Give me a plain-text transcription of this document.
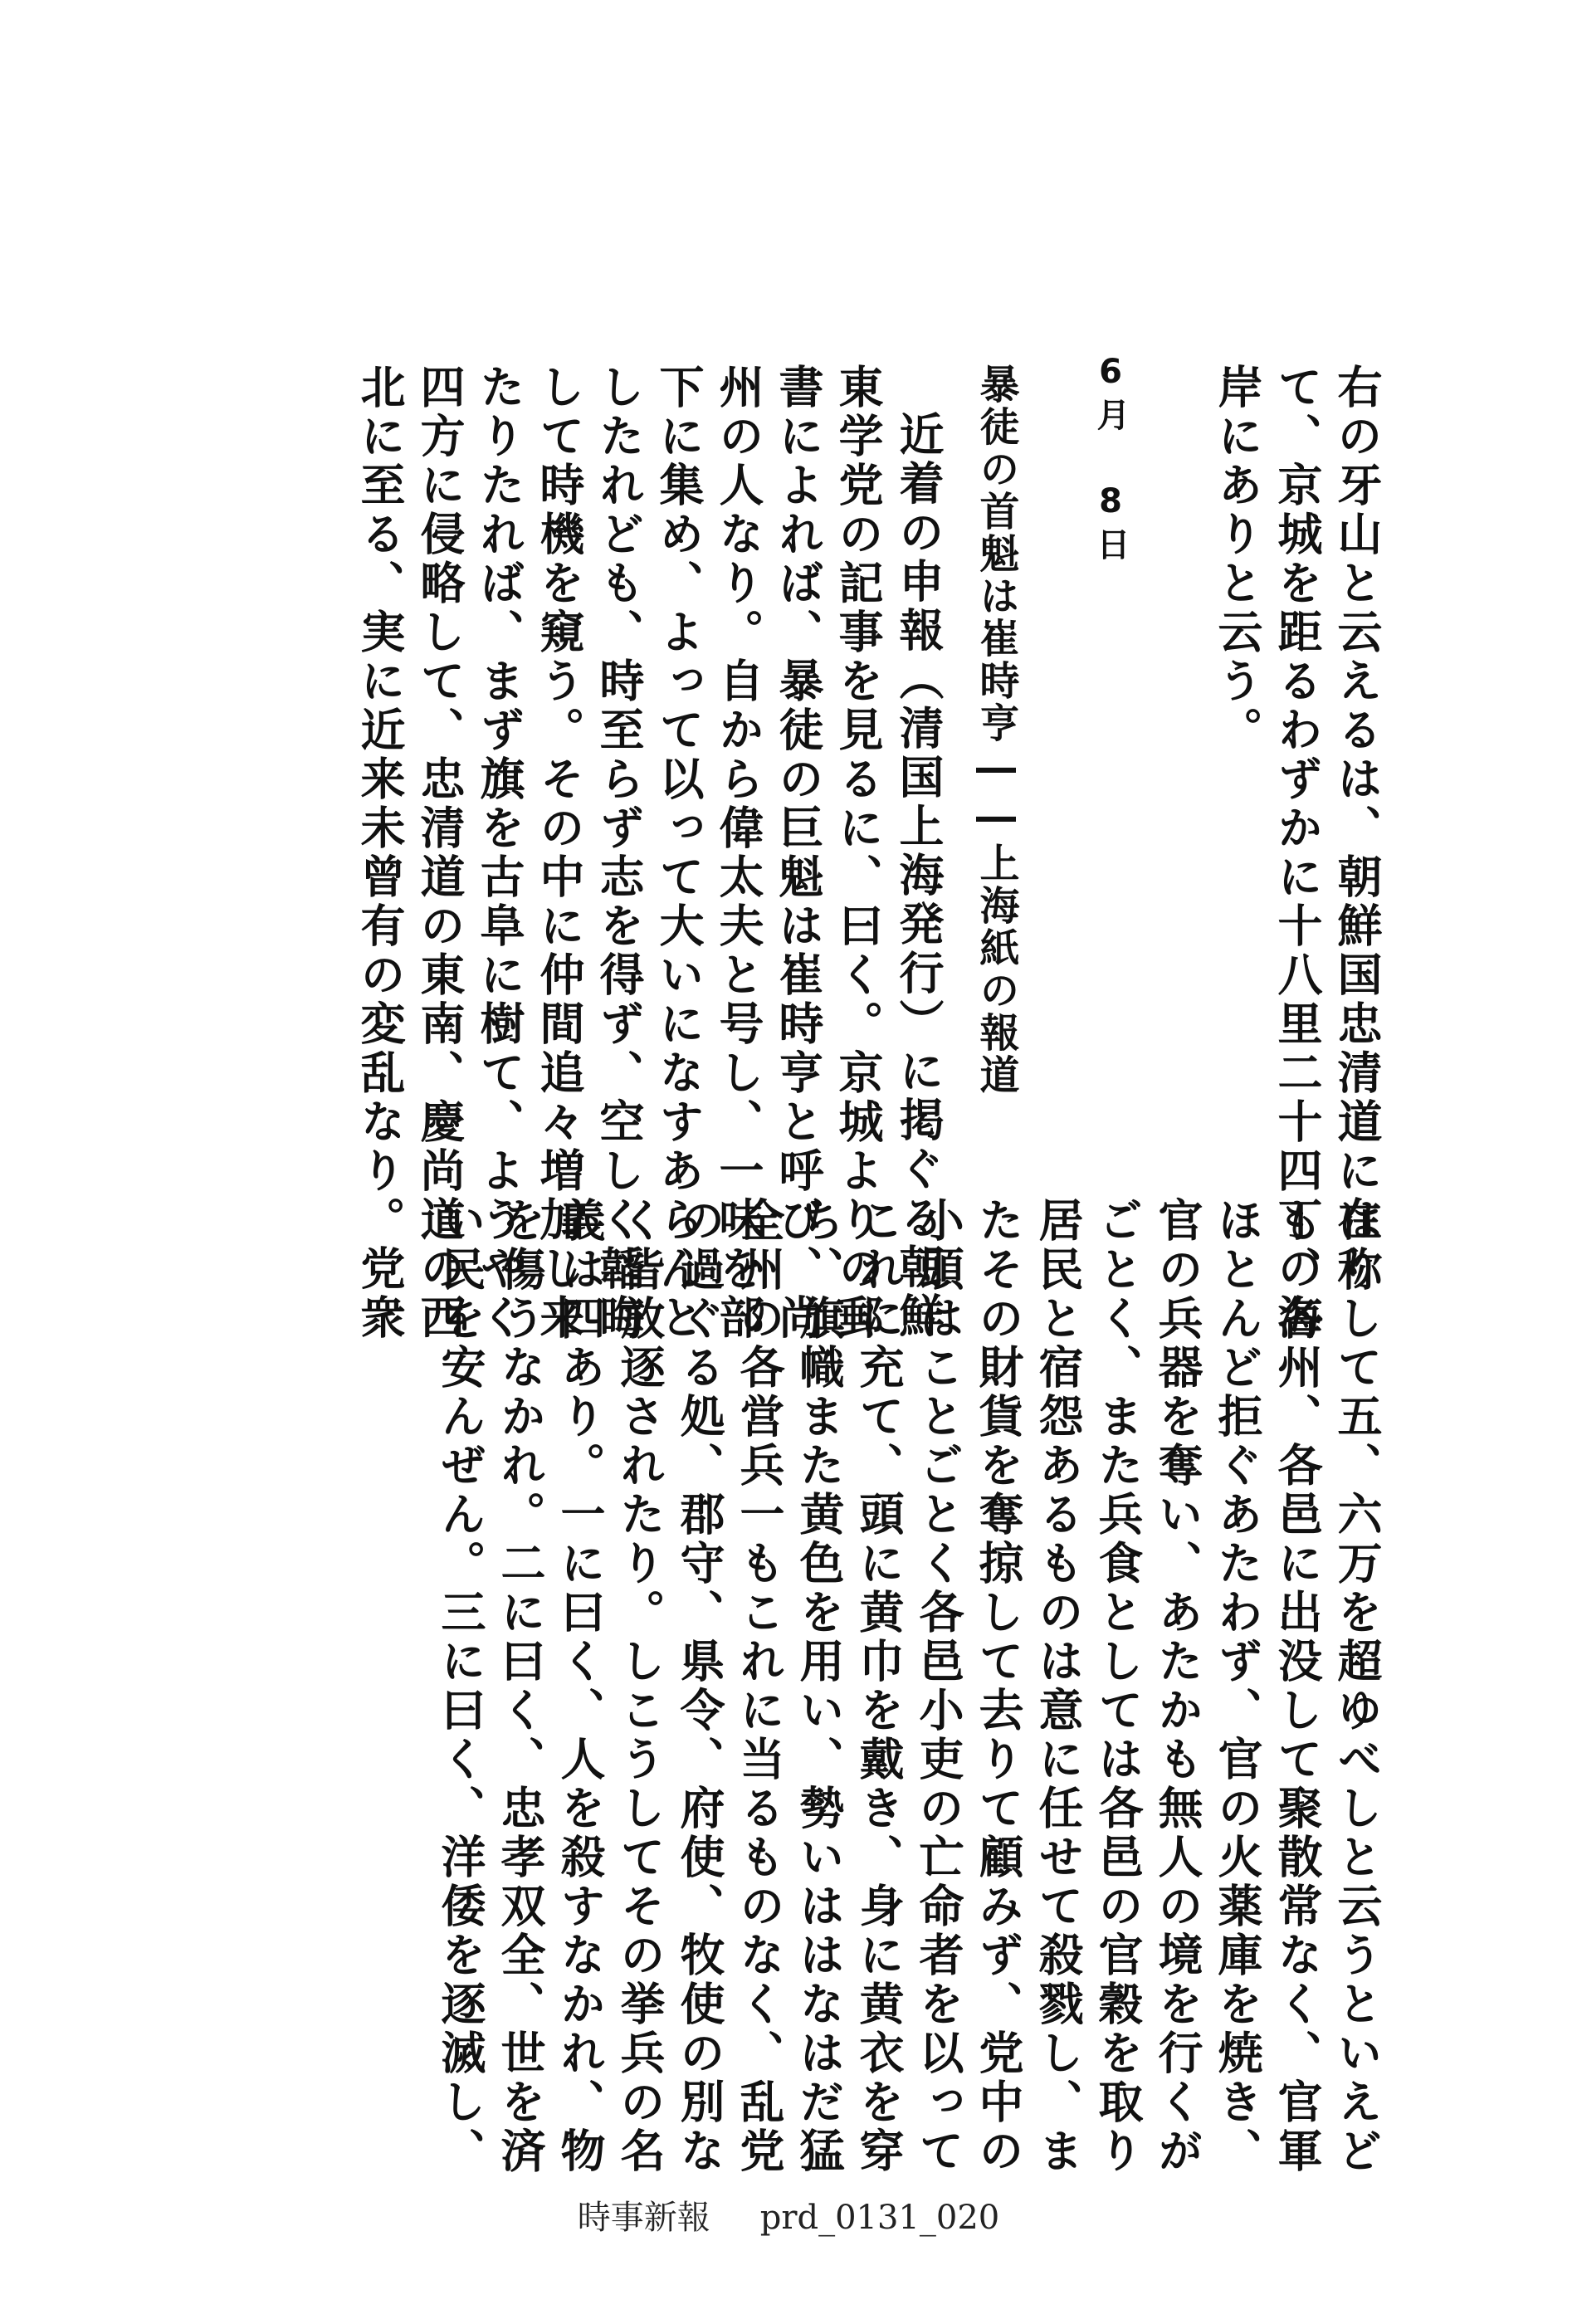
右の牙山と云えるは、朝鮮国忠清道に在り
て、京城を距るわずかに十八里二十四丁の海
岸にありと云う。
6月 8日
暴徒の首魁は崔時亨――上海紙の報道
近着の申報（清国上海発行）に掲ぐる朝鮮
東学党の記事を見るに、曰く。京城よりの郵
書によれば、暴徒の巨魁は崔時亨と呼び、尚
州の人なり。自から偉太夫と号し、一味を部
下に集め、よって以って大いになすあらんと
したれども、時至らず志を得ず、空しく韜晦
して時機を窺う。その中に仲間追々増加し来
たりたれば、まず旗を古阜に樹て、ようやく
四方に侵略して、忠清道の東南、慶尚道の西
北に至る、実に近来未曾有の変乱なり。党衆
は称して五、六万を超ゆべしと云うといえど
も、各州、各邑に出没して聚散常なく、官軍
ほとんど拒ぐあたわず、官の火薬庫を焼き、
官の兵器を奪い、あたかも無人の境を行くが
ごとく、また兵食としては各邑の官穀を取り
居民と宿怨あるものは意に任せて殺戮し、ま
たその財貨を奪掠して去りて顧みず、党中の
小頭はことごとく各邑小吏の亡命者を以って
これに充て、頭に黄巾を戴き、身に黄衣を穿
ち、旗幟また黄色を用い、勢いははなはだ猛
全州の各営兵一もこれに当るものなく、乱党
の過ぐる処、郡守、県令、府使、牧使の別な
く皆放逐されたり。しこうしてその挙兵の名
義は四あり。一に曰く、人を殺すなかれ、物
を傷うなかれ。二に曰く、忠孝双全、世を済
い民を安んぜん。三に曰く、洋倭を逐滅し、
時事新報 prd_0131_020
